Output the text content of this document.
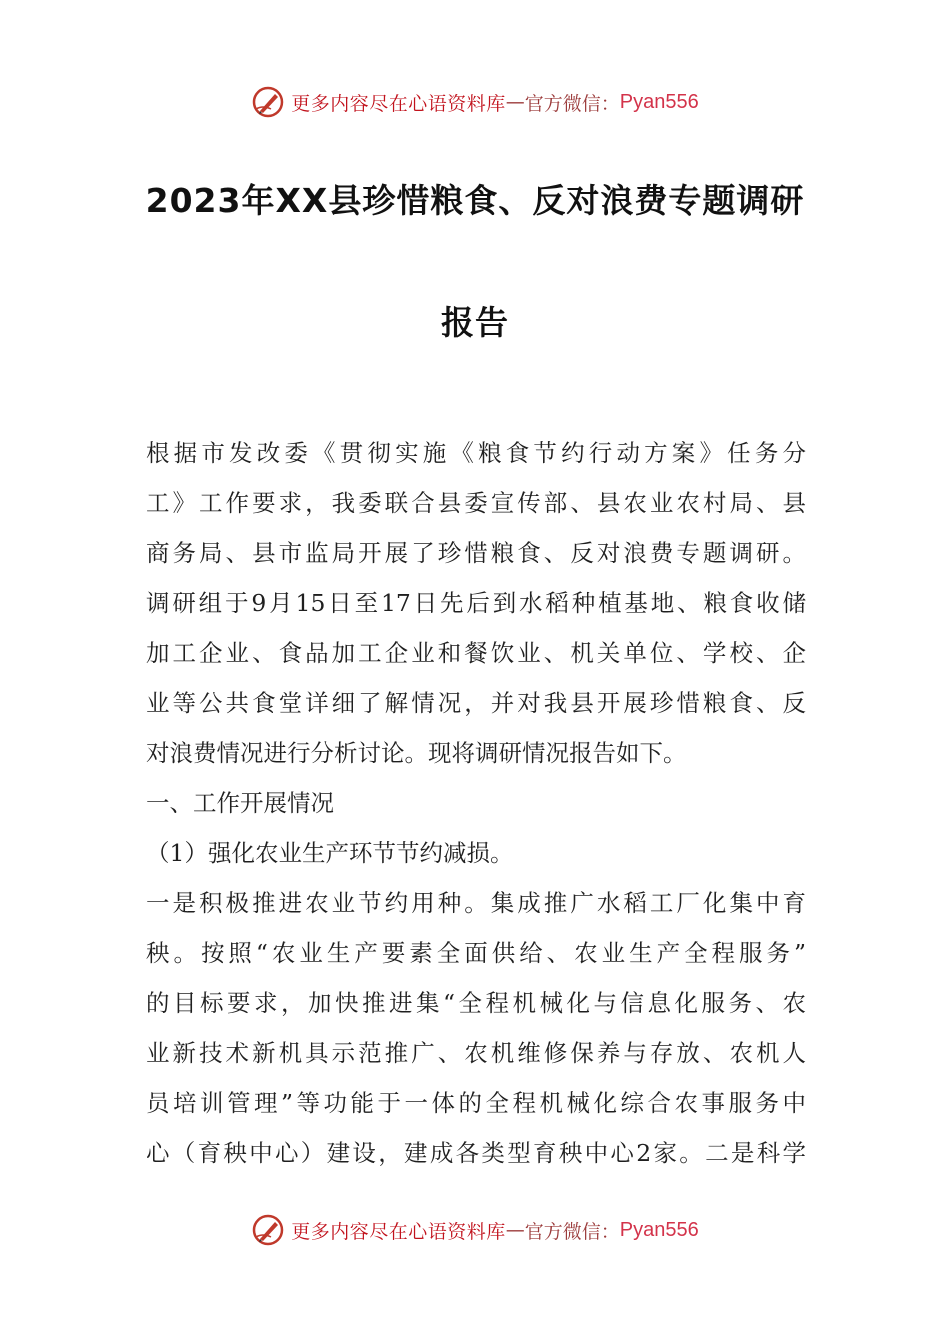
更多内容尽在心语资料库 — 官方微信： Pyan556
2023年XX县珍惜粮食、反对浪费专题调研
报告
根据市发改委《贯彻实施《粮食节约行动方案》任务分
工》工作要求，我委联合县委宣传部、县农业农村局、县
商务局、县市监局开展了珍惜粮食、反对浪费专题调研。
调研组于9月15日至17日先后到水稻种植基地、粮食收储
加工企业、食品加工企业和餐饮业、机关单位、学校、企
业等公共食堂详细了解情况，并对我县开展珍惜粮食、反
对浪费情况进行分析讨论。现将调研情况报告如下。
一、工作开展情况
（1）强化农业生产环节节约减损。
一是积极推进农业节约用种。集成推广水稻工厂化集中育
秧。按照“农业生产要素全面供给、农业生产全程服务”
的目标要求，加快推进集“全程机械化与信息化服务、农
业新技术新机具示范推广、农机维修保养与存放、农机人
员培训管理”等功能于一体的全程机械化综合农事服务中
心（育秧中心）建设，建成各类型育秧中心2家。二是科学
更多内容尽在心语资料库 — 官方微信： Pyan556
